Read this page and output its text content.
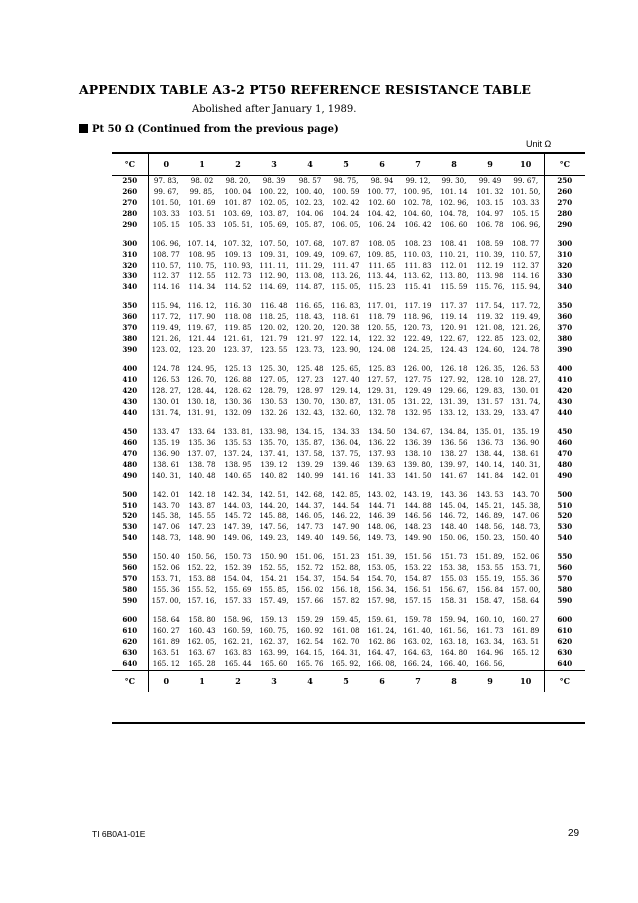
APPENDIX TABLE A3-2 PT50 REFERENCE RESISTANCE TABLE
Abolished after January 1, 1989.
Pt 50 Ω (Continued from the previous page)
Unit Ω
°C	0	1	2	3	4	5	6	7	8	9	10	°C
250	97. 83,	98. 02	98. 20,	98. 39	98. 57	98. 75,	98. 94	99. 12,	99. 30,	99. 49	99. 67,	250
260	99. 67,	99. 85,	100. 04	100. 22,	100. 40,	100. 59	100. 77,	100. 95,	101. 14	101. 32	101. 50,	260
270	101. 50,	101. 69	101. 87	102. 05,	102. 23,	102. 42	102. 60	102. 78,	102. 96,	103. 15	103. 33	270
280	103. 33	103. 51	103. 69,	103. 87,	104. 06	104. 24	104. 42,	104. 60,	104. 78,	104. 97	105. 15	280
290	105. 15	105. 33	105. 51,	105. 69,	105. 87,	106. 05,	106. 24	106. 42	106. 60	106. 78	106. 96,	290

300	106. 96,	107. 14,	107. 32,	107. 50,	107. 68,	107. 87	108. 05	108. 23	108. 41	108. 59	108. 77	300
310	108. 77	108. 95	109. 13	109. 31,	109. 49,	109. 67,	109. 85,	110. 03,	110. 21,	110. 39,	110. 57,	310
320	110. 57,	110. 75,	110. 93,	111. 11,	111. 29,	111. 47	111. 65	111. 83	112. 01	112. 19	112. 37	320
330	112. 37	112. 55	112. 73	112. 90,	113. 08,	113. 26,	113. 44,	113. 62,	113. 80,	113. 98	114. 16	330
340	114. 16	114. 34	114. 52	114. 69,	114. 87,	115. 05,	115. 23	115. 41	115. 59	115. 76,	115. 94,	340

350	115. 94,	116. 12,	116. 30	116. 48	116. 65,	116. 83,	117. 01,	117. 19	117. 37	117. 54,	117. 72,	350
360	117. 72,	117. 90	118. 08	118. 25,	118. 43,	118. 61	118. 79	118. 96,	119. 14	119. 32	119. 49,	360
370	119. 49,	119. 67,	119. 85	120. 02,	120. 20,	120. 38	120. 55,	120. 73,	120. 91	121. 08,	121. 26,	370
380	121. 26,	121. 44	121. 61,	121. 79	121. 97	122. 14,	122. 32	122. 49,	122. 67,	122. 85	123. 02,	380
390	123. 02,	123. 20	123. 37,	123. 55	123. 73,	123. 90,	124. 08	124. 25,	124. 43	124. 60,	124. 78	390

400	124. 78	124. 95,	125. 13	125. 30,	125. 48	125. 65,	125. 83	126. 00,	126. 18	126. 35,	126. 53	400
410	126. 53	126. 70,	126. 88	127. 05,	127. 23	127. 40	127. 57,	127. 75	127. 92,	128. 10	128. 27,	410
420	128. 27,	128. 44,	128. 62	128. 79,	128. 97	129. 14,	129. 31,	129. 49	129. 66,	129. 83,	130. 01	420
430	130. 01	130. 18,	130. 36	130. 53	130. 70,	130. 87,	131. 05	131. 22,	131. 39,	131. 57	131. 74,	430
440	131. 74,	131. 91,	132. 09	132. 26	132. 43,	132. 60,	132. 78	132. 95	133. 12,	133. 29,	133. 47	440

450	133. 47	133. 64	133. 81,	133. 98,	134. 15,	134. 33	134. 50	134. 67,	134. 84,	135. 01,	135. 19	450
460	135. 19	135. 36	135. 53	135. 70,	135. 87,	136. 04,	136. 22	136. 39	136. 56	136. 73	136. 90	460
470	136. 90	137. 07,	137. 24,	137. 41,	137. 58,	137. 75,	137. 93	138. 10	138. 27	138. 44,	138. 61	470
480	138. 61	138. 78	138. 95	139. 12	139. 29	139. 46	139. 63	139. 80,	139. 97,	140. 14,	140. 31,	480
490	140. 31,	140. 48	140. 65	140. 82	140. 99	141. 16	141. 33	141. 50	141. 67	141. 84	142. 01	490

500	142. 01	142. 18	142. 34,	142. 51,	142. 68,	142. 85,	143. 02,	143. 19,	143. 36	143. 53	143. 70	500
510	143. 70	143. 87	144. 03,	144. 20,	144. 37,	144. 54	144. 71	144. 88	145. 04,	145. 21,	145. 38,	510
520	145. 38,	145. 55	145. 72	145. 88,	146. 05,	146. 22,	146. 39	146. 56	146. 72,	146. 89,	147. 06	520
530	147. 06	147. 23	147. 39,	147. 56,	147. 73	147. 90	148. 06,	148. 23	148. 40	148. 56,	148. 73,	530
540	148. 73,	148. 90	149. 06,	149. 23,	149. 40	149. 56,	149. 73,	149. 90	150. 06,	150. 23,	150. 40	540

550	150. 40	150. 56,	150. 73	150. 90	151. 06,	151. 23	151. 39,	151. 56	151. 73	151. 89,	152. 06	550
560	152. 06	152. 22,	152. 39	152. 55,	152. 72	152. 88,	153. 05,	153. 22	153. 38,	153. 55	153. 71,	560
570	153. 71,	153. 88	154. 04,	154. 21	154. 37,	154. 54	154. 70,	154. 87	155. 03	155. 19,	155. 36	570
580	155. 36	155. 52,	155. 69	155. 85,	156. 02	156. 18,	156. 34,	156. 51	156. 67,	156. 84	157. 00,	580
590	157. 00,	157. 16,	157. 33	157. 49,	157. 66	157. 82	157. 98,	157. 15	158. 31	158. 47,	158. 64	590

600	158. 64	158. 80	158. 96,	159. 13	159. 29	159. 45,	159. 61,	159. 78	159. 94,	160. 10,	160. 27	600
610	160. 27	160. 43	160. 59,	160. 75,	160. 92	161. 08	161. 24,	161. 40,	161. 56,	161. 73	161. 89	610
620	161. 89	162. 05,	162. 21,	162. 37,	162. 54	162. 70	162. 86	163. 02,	163. 18,	163. 34,	163. 51	620
630	163. 51	163. 67	163. 83	163. 99,	164. 15,	164. 31,	164. 47,	164. 63,	164. 80	164. 96	165. 12	630
640	165. 12	165. 28	165. 44	165. 60	165. 76	165. 92,	166. 08,	166. 24,	166. 40,	166. 56,		640
°C	0	1	2	3	4	5	6	7	8	9	10	°C
TI 6B0A1-01E	29
